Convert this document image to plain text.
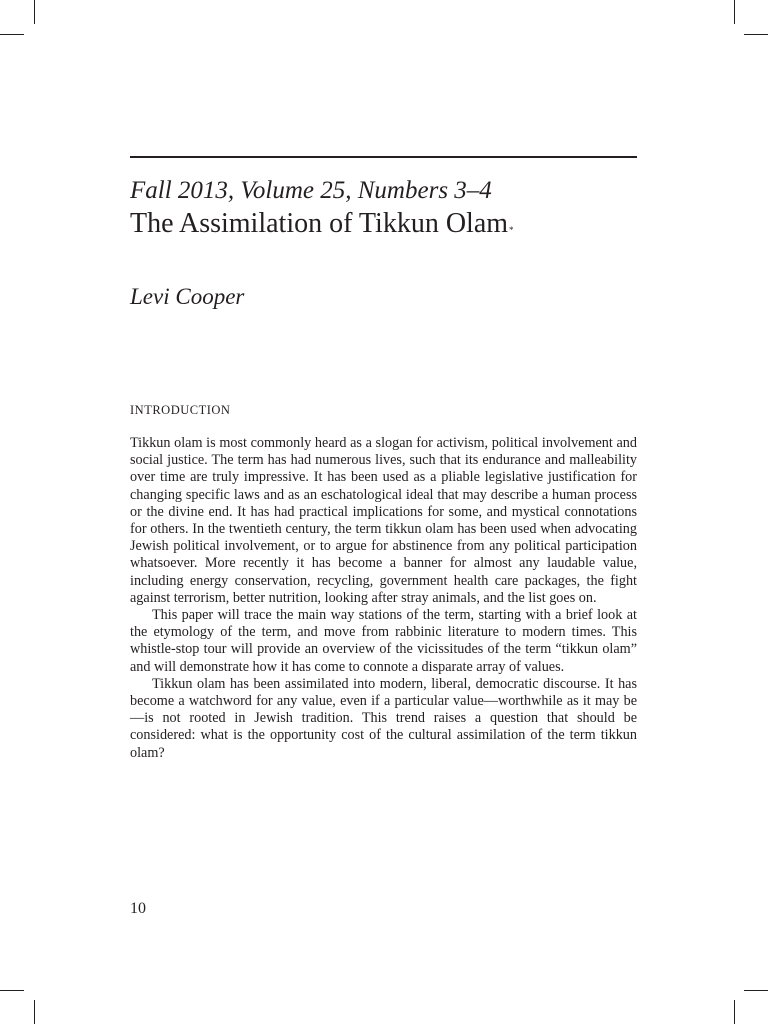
Fall 2013, Volume 25, Numbers 3–4
The Assimilation of Tikkun Olam*
Levi Cooper
INTRODUCTION

Tikkun olam is most commonly heard as a slogan for activism, political involvement and social justice. The term has had numerous lives, such that its endurance and malleability over time are truly impressive. It has been used as a pliable legislative justification for changing specific laws and as an eschatological ideal that may describe a human process or the divine end. It has had practical implications for some, and mystical connotations for others. In the twentieth century, the term tikkun olam has been used when advocating Jewish political involvement, or to argue for abstinence from any political participation whatsoever. More recently it has become a banner for almost any laudable value, including energy conservation, recycling, government health care packages, the fight against terrorism, better nutrition, looking after stray animals, and the list goes on.

This paper will trace the main way stations of the term, starting with a brief look at the etymology of the term, and move from rabbinic literature to modern times. This whistle-stop tour will provide an overview of the vicissitudes of the term “tikkun olam” and will demonstrate how it has come to connote a disparate array of values.

Tikkun olam has been assimilated into modern, liberal, democratic discourse. It has become a watchword for any value, even if a particular value—worthwhile as it may be—is not rooted in Jewish tradition. This trend raises a question that should be considered: what is the opportunity cost of the cultural assimilation of the term tikkun olam?

10
